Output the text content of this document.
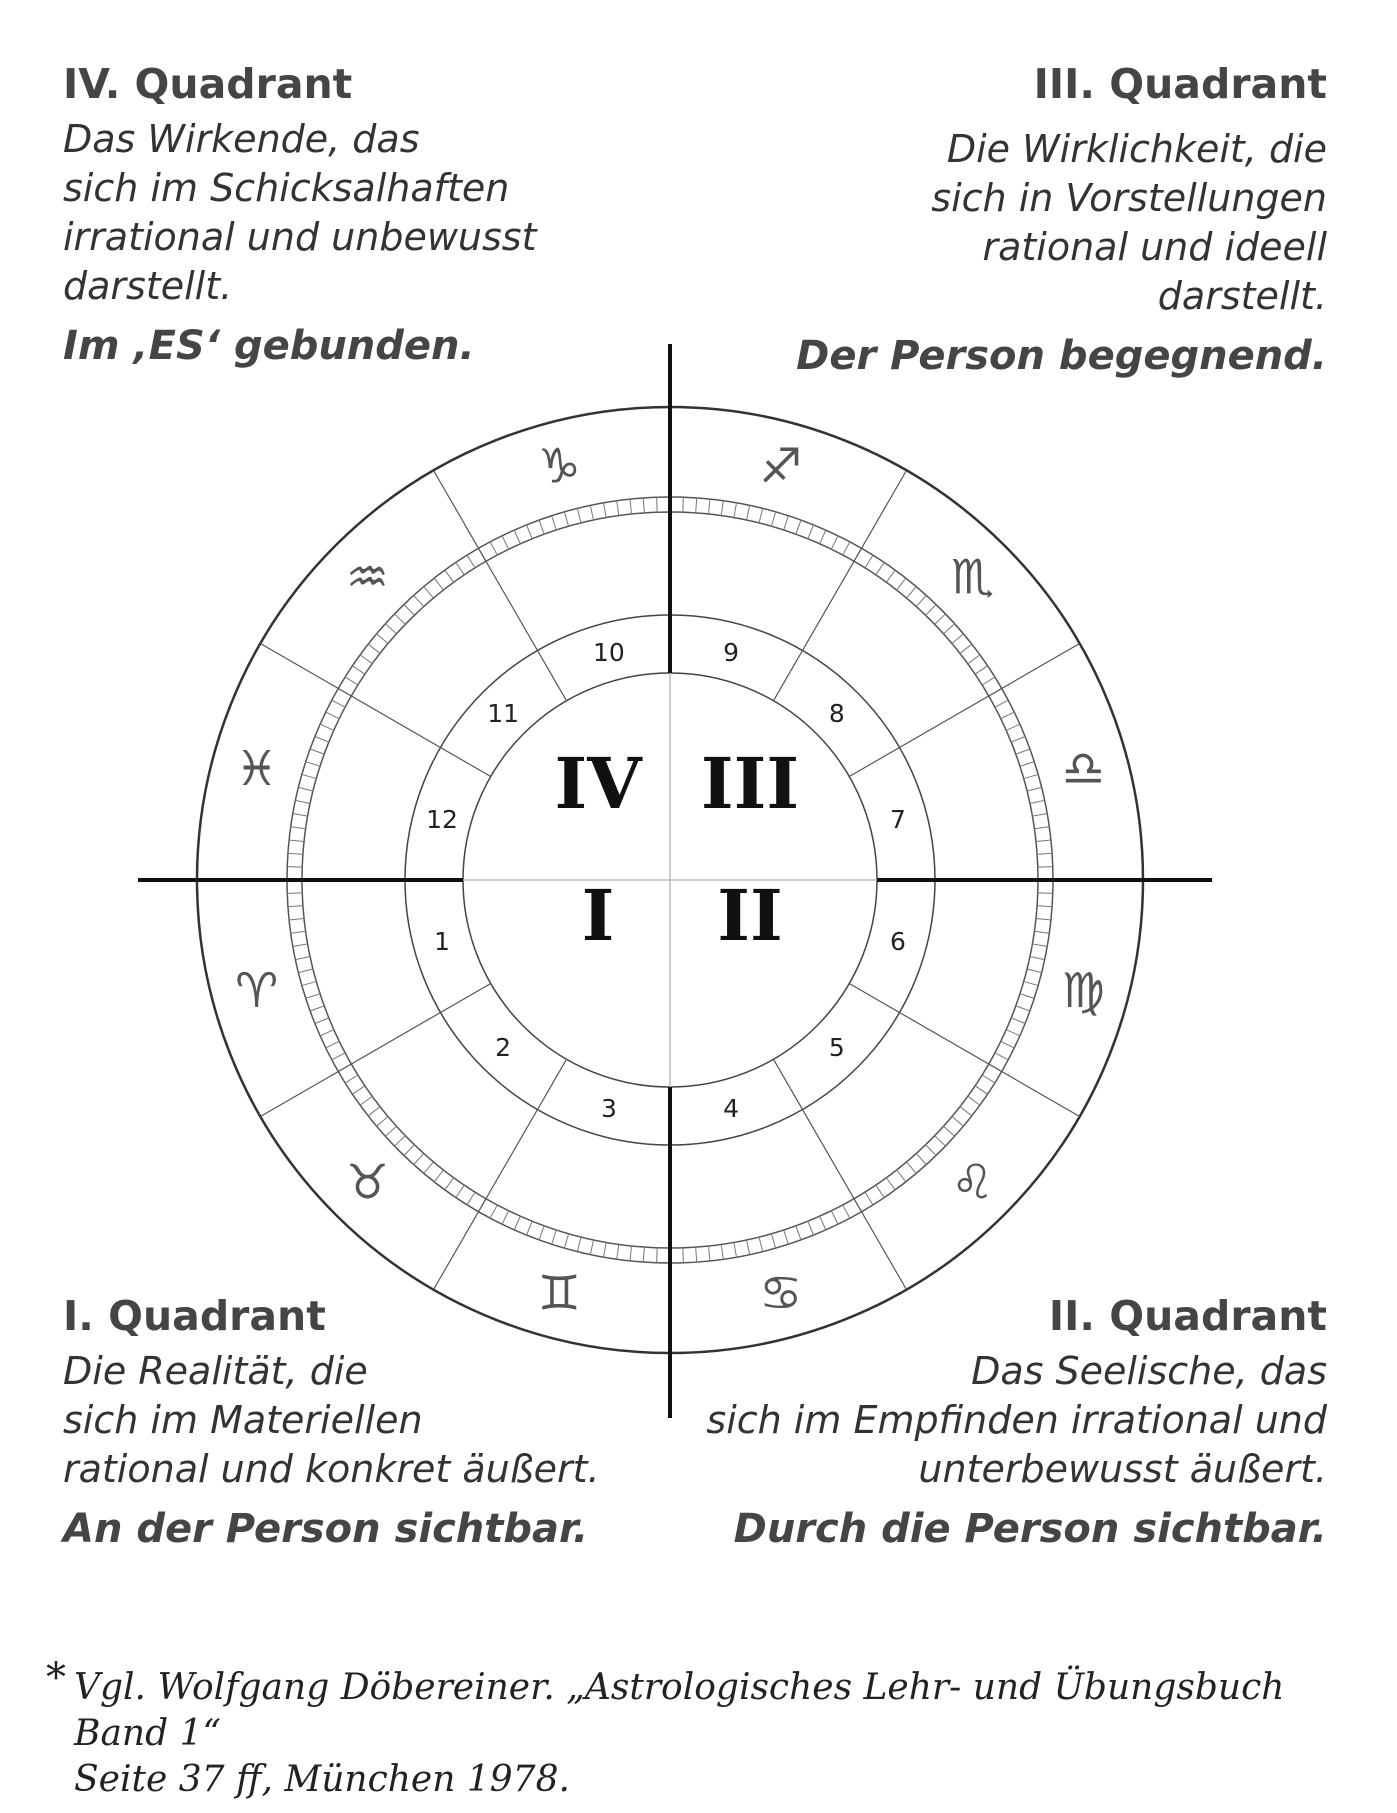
IV. Quadrant

Das Wirkende, das
sich im Schicksalhaften
irrational und unbewusst
darstellt.

Im ‚ES‘ gebunden.

III. Quadrant

Die Wirklichkeit, die
sich in Vorstellungen
rational und ideell
darstellt.

Der Person begegnend.

I. Quadrant

Die Realität, die
sich im Materiellen
rational und konkret äußert.

An der Person sichtbar.

II. Quadrant

Das Seelische, das
sich im Empfinden irrational und
unterbewusst äußert.

Durch die Person sichtbar.

IV III
I II
1
2
3	4
5
6
7
8
9
10
11
12
♈
♉
♊	♋
♌
♍
♎
♏
♐
♑
♒
♓
* Vgl. Wolfgang Döbereiner. „Astrologisches Lehr- und Übungsbuch Band 1“
Seite 37 ff, München 1978.
